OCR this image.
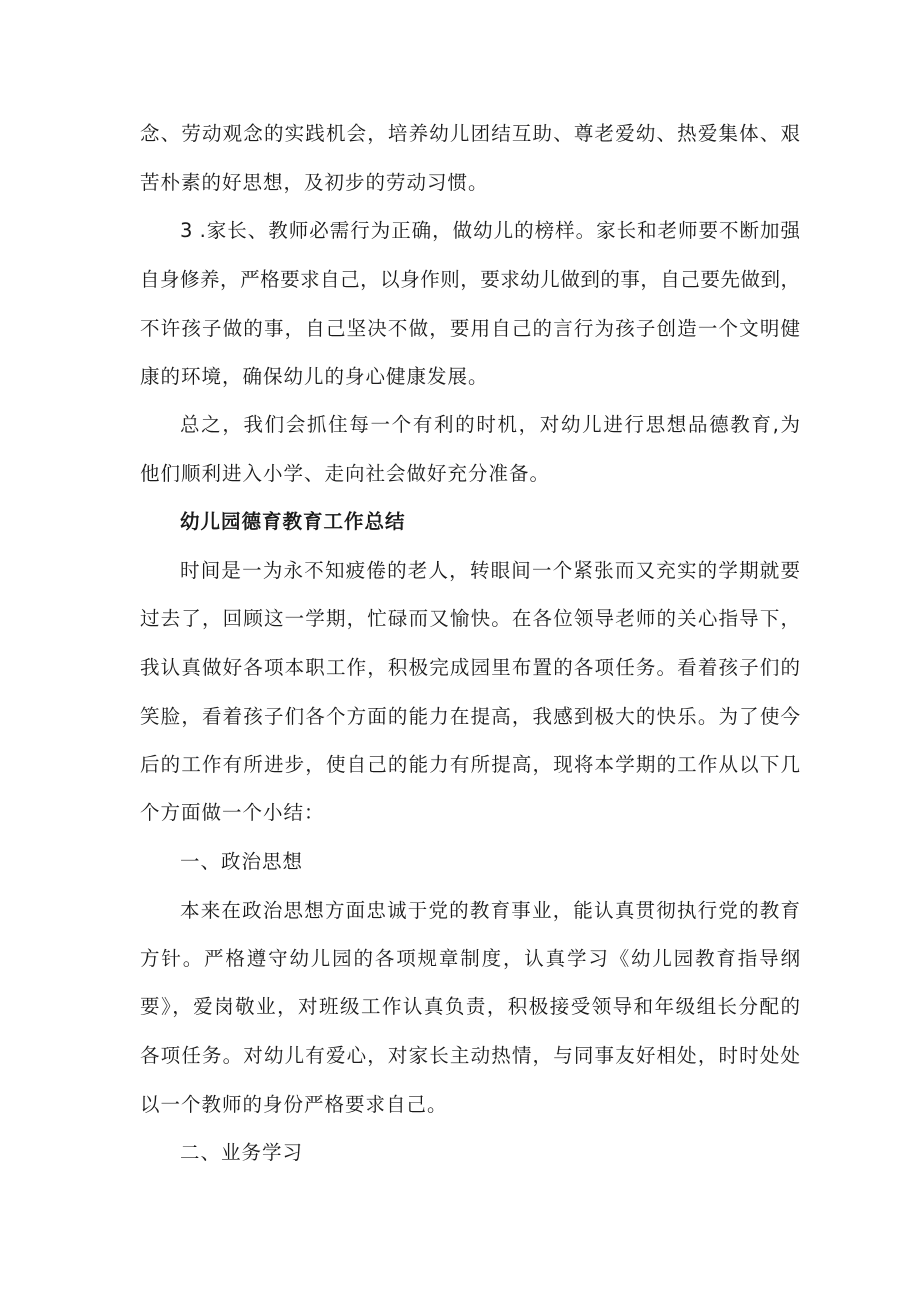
念、劳动观念的实践机会，培养幼儿团结互助、尊老爱幼、热爱集体、艰
苦朴素的好思想，及初步的劳动习惯。
3 .家长、教师必需行为正确，做幼儿的榜样。家长和老师要不断加强
自身修养，严格要求自己，以身作则，要求幼儿做到的事，自己要先做到，
不许孩子做的事，自己坚决不做，要用自己的言行为孩子创造一个文明健
康的环境，确保幼儿的身心健康发展。
总之，我们会抓住每一个有利的时机，对幼儿进行思想品德教育,为
他们顺利进入小学、走向社会做好充分准备。
幼儿园德育教育工作总结
时间是一为永不知疲倦的老人，转眼间一个紧张而又充实的学期就要
过去了，回顾这一学期，忙碌而又愉快。在各位领导老师的关心指导下，
我认真做好各项本职工作，积极完成园里布置的各项任务。看着孩子们的
笑脸，看着孩子们各个方面的能力在提高，我感到极大的快乐。为了使今
后的工作有所进步，使自己的能力有所提高，现将本学期的工作从以下几
个方面做一个小结：
一、政治思想
本来在政治思想方面忠诚于党的教育事业，能认真贯彻执行党的教育
方针。严格遵守幼儿园的各项规章制度，认真学习《幼儿园教育指导纲
要》，爱岗敬业，对班级工作认真负责，积极接受领导和年级组长分配的
各项任务。对幼儿有爱心，对家长主动热情，与同事友好相处，时时处处
以一个教师的身份严格要求自己。
二、业务学习
